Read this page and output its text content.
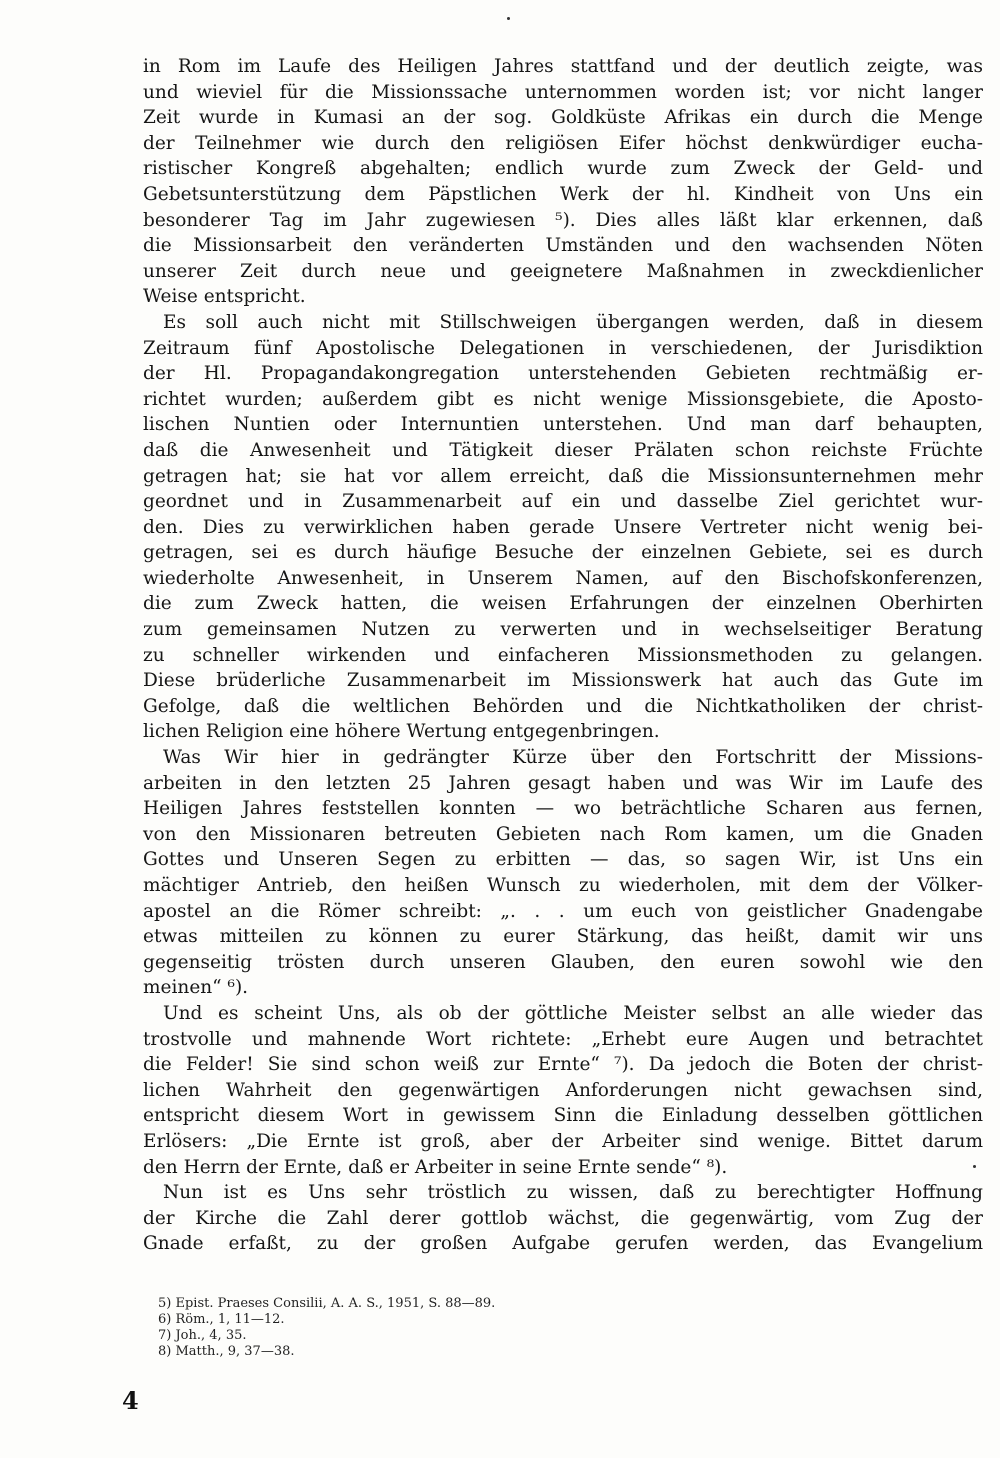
in Rom im Laufe des Heiligen Jahres stattfand und der deutlich zeigte, was
und wieviel für die Missionssache unternommen worden ist; vor nicht langer
Zeit wurde in Kumasi an der sog. Goldküste Afrikas ein durch die Menge
der Teilnehmer wie durch den religiösen Eifer höchst denkwürdiger eucha-
ristischer Kongreß abgehalten; endlich wurde zum Zweck der Geld- und
Gebetsunterstützung dem Päpstlichen Werk der hl. Kindheit von Uns ein
besonderer Tag im Jahr zugewiesen ⁵). Dies alles läßt klar erkennen, daß
die Missionsarbeit den veränderten Umständen und den wachsenden Nöten
unserer Zeit durch neue und geeignetere Maßnahmen in zweckdienlicher
Weise entspricht.
Es soll auch nicht mit Stillschweigen übergangen werden, daß in diesem
Zeitraum fünf Apostolische Delegationen in verschiedenen, der Jurisdiktion
der Hl. Propagandakongregation unterstehenden Gebieten rechtmäßig er-
richtet wurden; außerdem gibt es nicht wenige Missionsgebiete, die Aposto-
lischen Nuntien oder Internuntien unterstehen. Und man darf behaupten,
daß die Anwesenheit und Tätigkeit dieser Prälaten schon reichste Früchte
getragen hat; sie hat vor allem erreicht, daß die Missionsunternehmen mehr
geordnet und in Zusammenarbeit auf ein und dasselbe Ziel gerichtet wur-
den. Dies zu verwirklichen haben gerade Unsere Vertreter nicht wenig bei-
getragen, sei es durch häufige Besuche der einzelnen Gebiete, sei es durch
wiederholte Anwesenheit, in Unserem Namen, auf den Bischofskonferenzen,
die zum Zweck hatten, die weisen Erfahrungen der einzelnen Oberhirten
zum gemeinsamen Nutzen zu verwerten und in wechselseitiger Beratung
zu schneller wirkenden und einfacheren Missionsmethoden zu gelangen.
Diese brüderliche Zusammenarbeit im Missionswerk hat auch das Gute im
Gefolge, daß die weltlichen Behörden und die Nichtkatholiken der christ-
lichen Religion eine höhere Wertung entgegenbringen.
Was Wir hier in gedrängter Kürze über den Fortschritt der Missions-
arbeiten in den letzten 25 Jahren gesagt haben und was Wir im Laufe des
Heiligen Jahres feststellen konnten — wo beträchtliche Scharen aus fernen,
von den Missionaren betreuten Gebieten nach Rom kamen, um die Gnaden
Gottes und Unseren Segen zu erbitten — das, so sagen Wir, ist Uns ein
mächtiger Antrieb, den heißen Wunsch zu wiederholen, mit dem der Völker-
apostel an die Römer schreibt: „. . . um euch von geistlicher Gnadengabe
etwas mitteilen zu können zu eurer Stärkung, das heißt, damit wir uns
gegenseitig trösten durch unseren Glauben, den euren sowohl wie den
meinen“ ⁶).
Und es scheint Uns, als ob der göttliche Meister selbst an alle wieder das
trostvolle und mahnende Wort richtete: „Erhebt eure Augen und betrachtet
die Felder! Sie sind schon weiß zur Ernte“ ⁷). Da jedoch die Boten der christ-
lichen Wahrheit den gegenwärtigen Anforderungen nicht gewachsen sind,
entspricht diesem Wort in gewissem Sinn die Einladung desselben göttlichen
Erlösers: „Die Ernte ist groß, aber der Arbeiter sind wenige. Bittet darum
den Herrn der Ernte, daß er Arbeiter in seine Ernte sende“ ⁸).
Nun ist es Uns sehr tröstlich zu wissen, daß zu berechtigter Hoffnung
der Kirche die Zahl derer gottlob wächst, die gegenwärtig, vom Zug der
Gnade erfaßt, zu der großen Aufgabe gerufen werden, das Evangelium
5) Epist. Praeses Consilii, A. A. S., 1951, S. 88—89.
6) Röm., 1, 11—12.
7) Joh., 4, 35.
8) Matth., 9, 37—38.
4
